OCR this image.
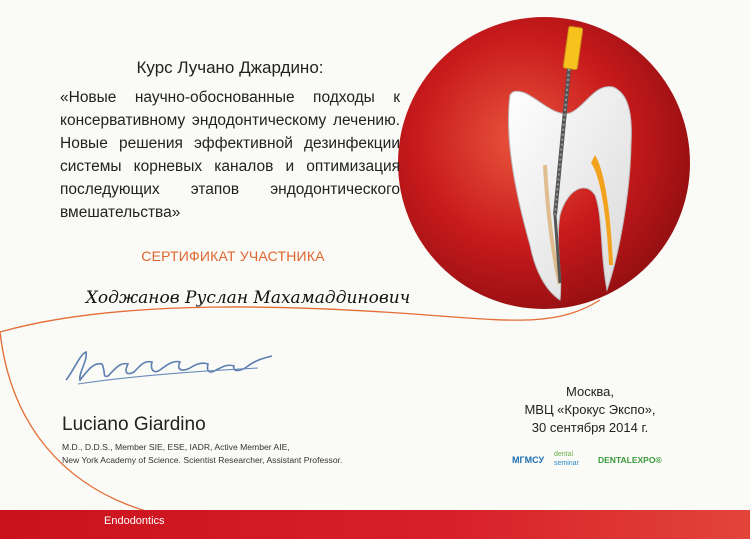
Курс Лучано Джардино:
«Новые научно-обоснованные подходы к консервативному эндодонтическому лечению. Новые решения эффективной дезинфекции системы корневых каналов и оптимизация последующих этапов эндодонтического вмешательства»
СЕРТИФИКАТ УЧАСТНИКА
Ходжанов Руслан Махамаддинович
Luciano Giardino
M.D., D.D.S., Member SIE, ESE, IADR, Active Member AIE,
New York Academy of Science. Scientist Researcher, Assistant Professor.
Москва,
МВЦ «Крокус Экспо»,
30 сентября 2014 г.
МГМСУ
dental
seminar	DENTALEXPO®
Endodontics
